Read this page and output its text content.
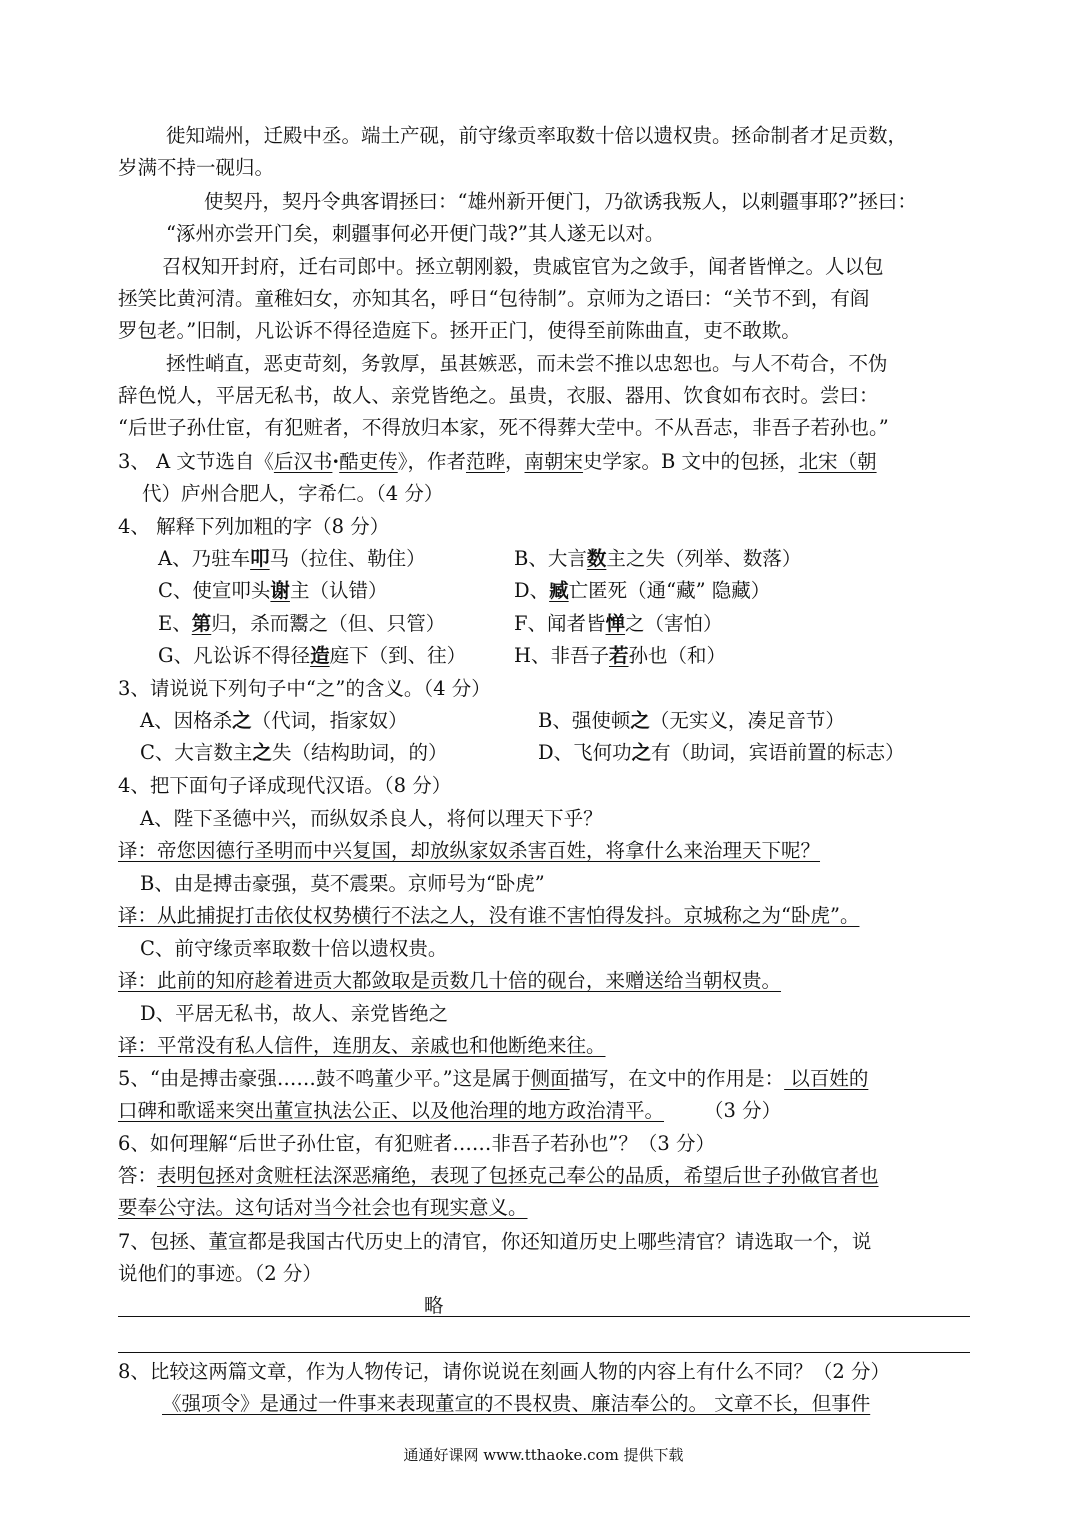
徙知端州，迁殿中丞。端土产砚，前守缘贡率取数十倍以遗权贵。拯命制者才足贡数，
岁满不持一砚归。
使契丹，契丹令典客谓拯曰：“雄州新开便门，乃欲诱我叛人，以刺疆事耶?”拯曰：
“涿州亦尝开门矣，刺疆事何必开便门哉?”其人遂无以对。
召权知开封府，迁右司郎中。拯立朝刚毅，贵戚宦官为之敛手，闻者皆惮之。人以包
拯笑比黄河清。童稚妇女，亦知其名，呼日“包待制”。京师为之语曰：“关节不到，有阎
罗包老。”旧制，凡讼诉不得径造庭下。拯开正门，使得至前陈曲直，吏不敢欺。
拯性峭直，恶吏苛刻，务敦厚，虽甚嫉恶，而未尝不推以忠恕也。与人不苟合，不伪
辞色悦人，平居无私书，故人、亲党皆绝之。虽贵，衣服、器用、饮食如布衣时。尝曰：
“后世子孙仕宦，有犯赃者，不得放归本家，死不得葬大茔中。不从吾志，非吾子若孙也。”
3、 A 文节选自《后汉书·酷吏传》，作者范晔，南朝宋史学家。B 文中的包拯，北宋（朝
代）庐州合肥人，字希仁。（4 分）
4、 解释下列加粗的字（8 分）
A、乃驻车叩马（拉住、勒住）	B、大言数主之失（列举、数落）
C、使宣叩头谢主（认错）	D、臧亡匿死（通“藏” 隐藏）
E、第归，杀而鬻之（但、只管）	F、闻者皆惮之（害怕）
G、凡讼诉不得径造庭下（到、往） H、非吾子若孙也（和）
3、请说说下列句子中“之”的含义。（4 分）
A、因格杀之（代词，指家奴）	B、强使顿之（无实义，凑足音节）
C、大言数主之失（结构助词，的）	D、飞何功之有（助词，宾语前置的标志）
4、把下面句子译成现代汉语。（8 分）
A、陛下圣德中兴，而纵奴杀良人，将何以理天下乎？
译：帝您因德行圣明而中兴复国，却放纵家奴杀害百姓，将拿什么来治理天下呢？
B、由是搏击豪强，莫不震栗。京师号为“卧虎”
译：从此捕捉打击依仗权势横行不法之人，没有谁不害怕得发抖。京城称之为“卧虎”。
C、前守缘贡率取数十倍以遗权贵。
译：此前的知府趁着进贡大都敛取是贡数几十倍的砚台，来赠送给当朝权贵。
D、平居无私书，故人、亲党皆绝之
译：平常没有私人信件，连朋友、亲戚也和他断绝来往。
5、“由是搏击豪强……鼓不鸣董少平。”这是属于侧面描写，在文中的作用是： 以百姓的
口碑和歌谣来突出董宣执法公正、以及他治理的地方政治清平。 （3 分）
6、如何理解“后世子孙仕宦，有犯赃者……非吾子若孙也”？（3 分）
答：表明包拯对贪赃枉法深恶痛绝，表现了包拯克己奉公的品质，希望后世子孙做官者也
要奉公守法。这句话对当今社会也有现实意义。
7、包拯、董宣都是我国古代历史上的清官，你还知道历史上哪些清官？请选取一个，说
说他们的事迹。（2 分）
略
8、比较这两篇文章，作为人物传记，请你说说在刻画人物的内容上有什么不同？（2 分）
《强项令》是通过一件事来表现董宣的不畏权贵、廉洁奉公的。 文章不长，但事件
通通好课网 www.tthaoke.com 提供下载
